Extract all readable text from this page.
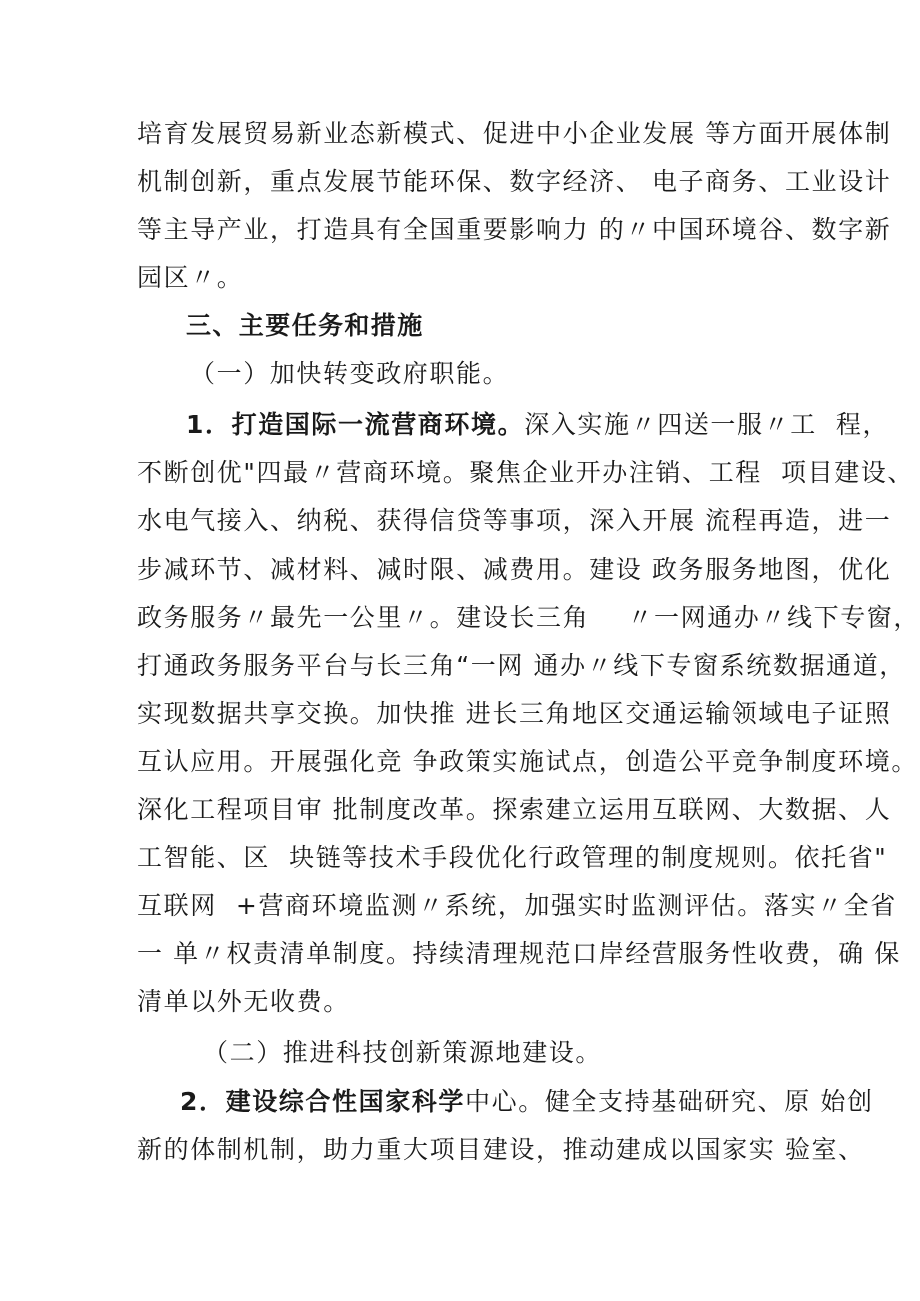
培育发展贸易新业态新模式、促进中小企业发展 等方面开展体制
机制创新，重点发展节能环保、数字经济、 电子商务、工业设计
等主导产业，打造具有全国重要影响力 的〃中国环境谷、数字新
园区〃。
三、主要任务和措施
（一）加快转变政府职能。
1．打造国际一流营商环境。深入实施〃四送一服〃工  程，
不断创优"四最〃营商环境。聚焦企业开办注销、工程  项目建设、
水电气接入、纳税、获得信贷等事项，深入开展 流程再造，进一
步减环节、减材料、减时限、减费用。建设 政务服务地图，优化
政务服务〃最先一公里〃。建设长三角    〃一网通办〃线下专窗，
打通政务服务平台与长三角“一网 通办〃线下专窗系统数据通道，
实现数据共享交换。加快推 进长三角地区交通运输领域电子证照
互认应用。开展强化竞 争政策实施试点，创造公平竞争制度环境。
深化工程项目审 批制度改革。探索建立运用互联网、大数据、人
工智能、区  块链等技术手段优化行政管理的制度规则。依托省"
互联网  +营商环境监测〃系统，加强实时监测评估。落实〃全省
一 单〃权责清单制度。持续清理规范口岸经营服务性收费，确 保
清单以外无收费。
（二）推进科技创新策源地建设。
2．建设综合性国家科学中心。健全支持基础研究、原 始创
新的体制机制，助力重大项目建设，推动建成以国家实 验室、
